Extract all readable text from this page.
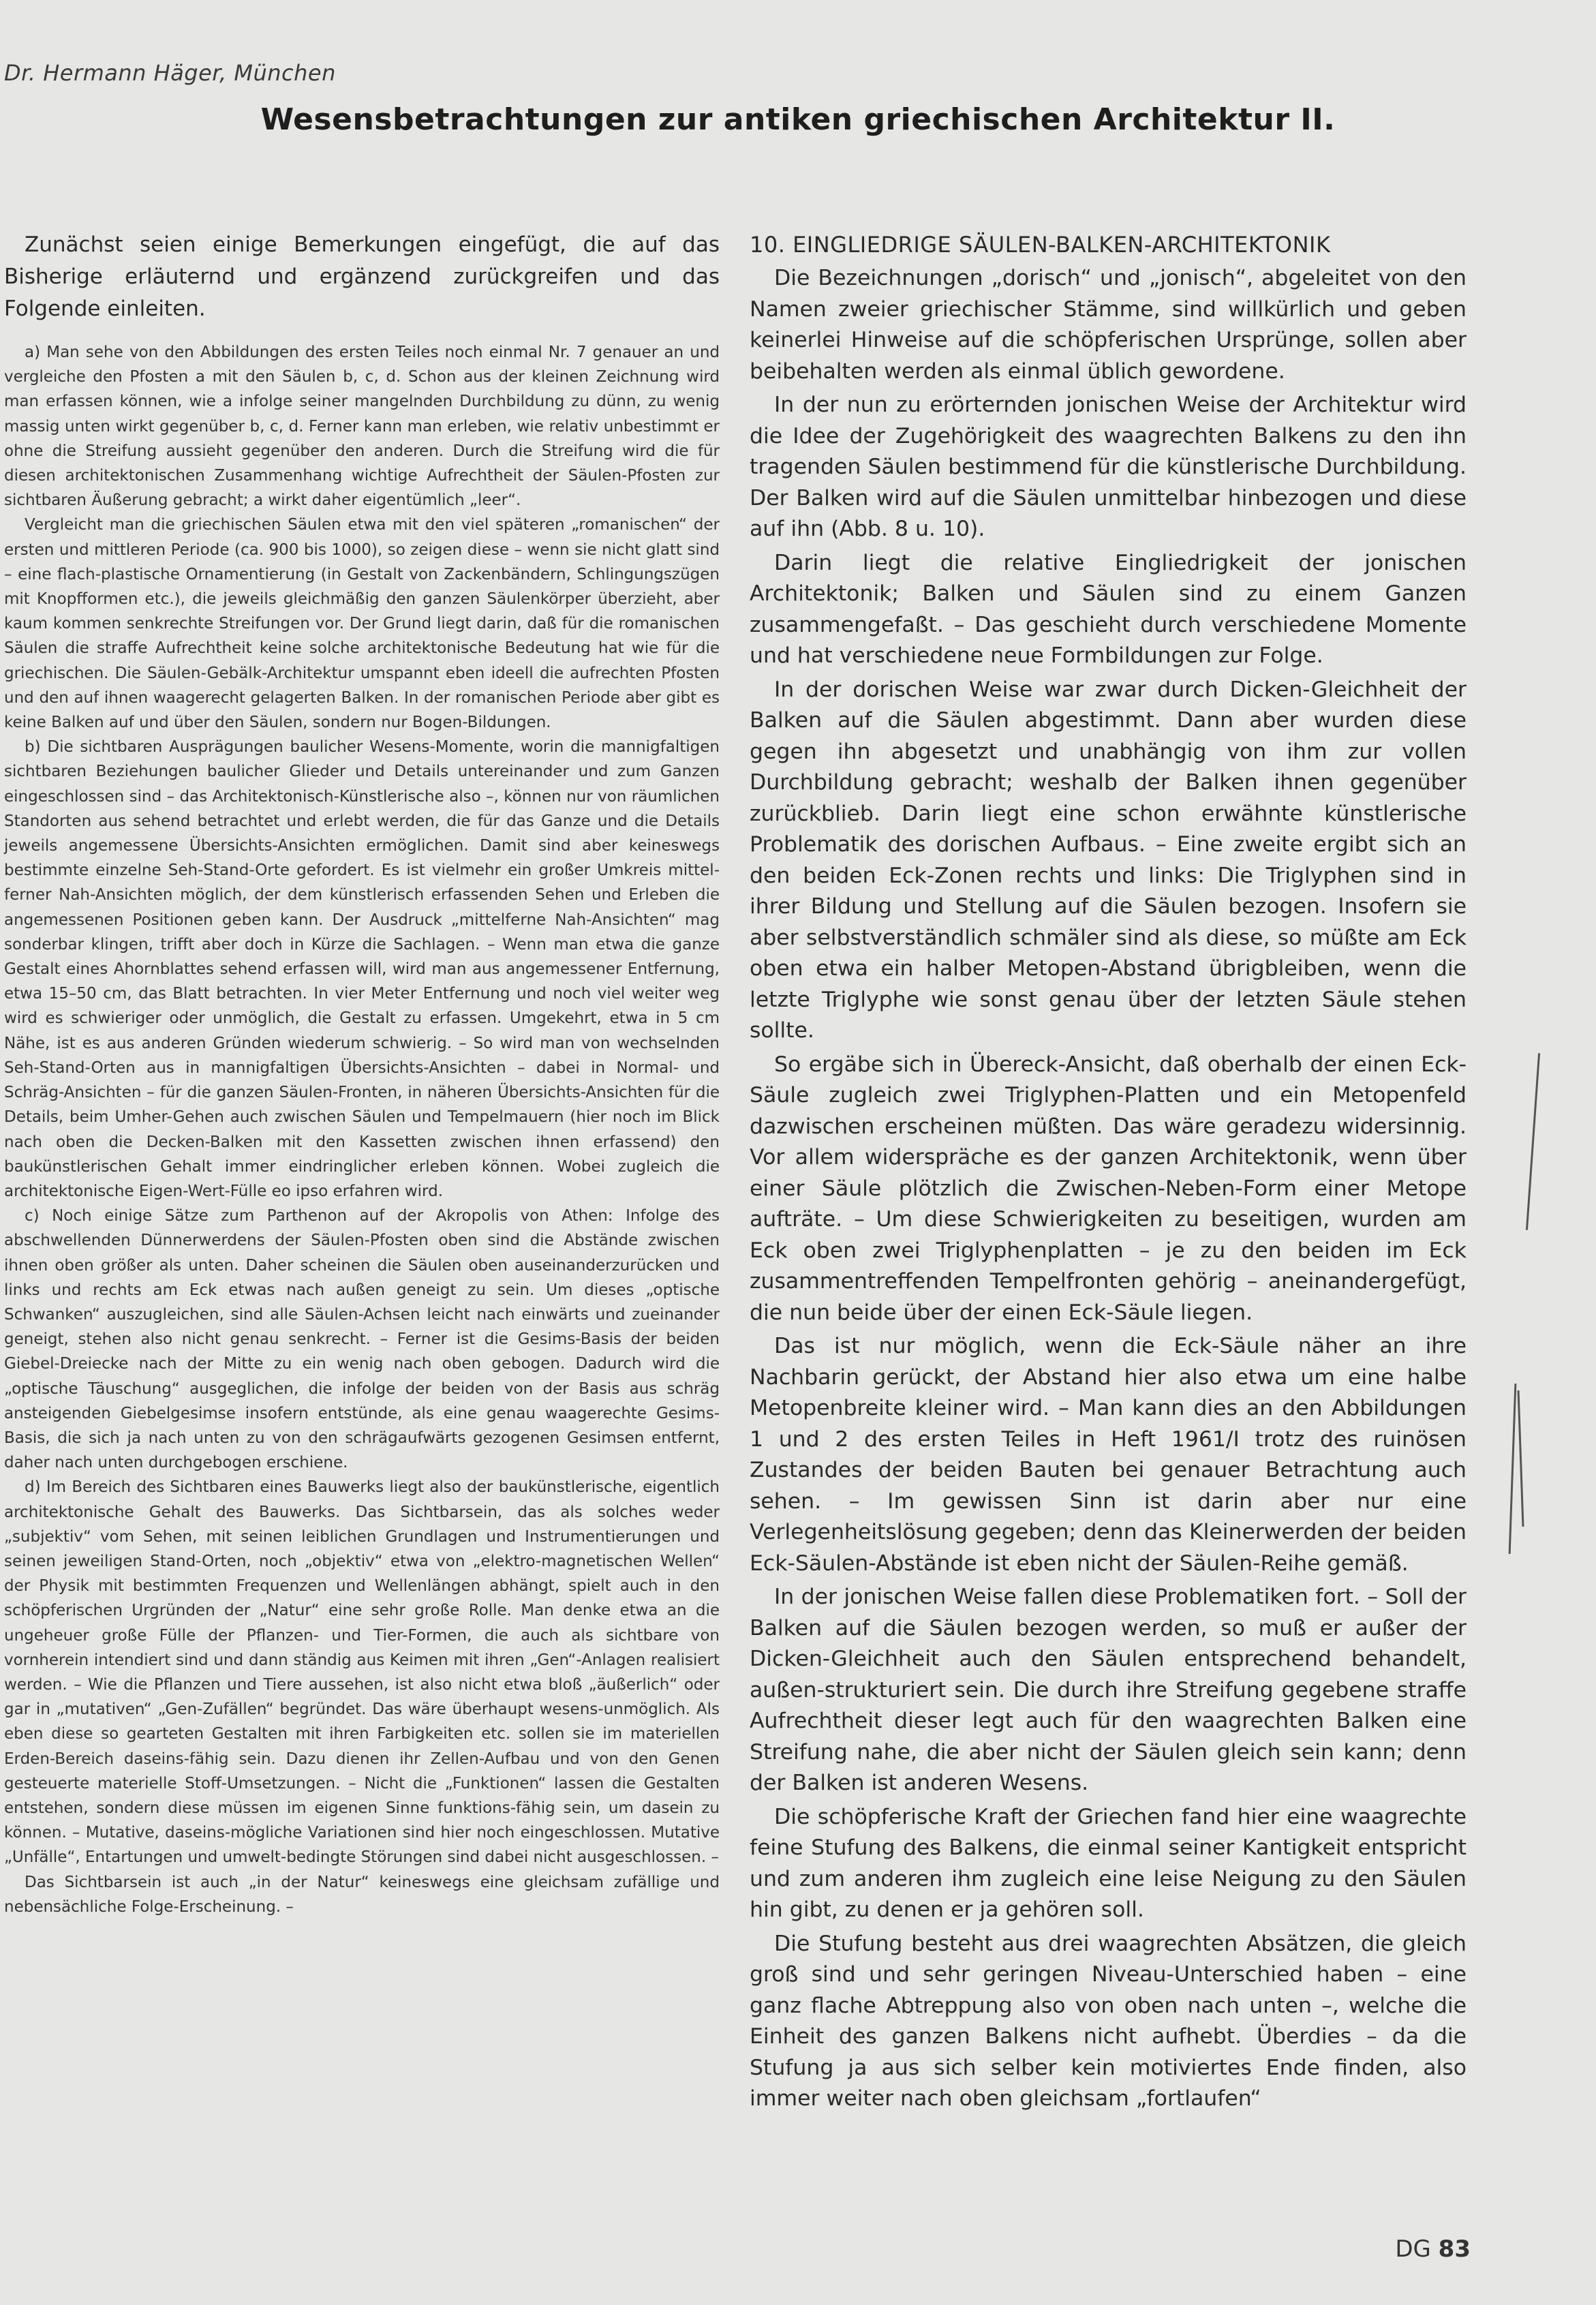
Dr. Hermann Häger, München
Wesensbetrachtungen zur antiken griechischen Architektur II.

Zunächst seien einige Bemerkungen eingefügt, die auf das Bisherige erläuternd und ergänzend zurückgreifen und das Folgende einleiten.

a) Man sehe von den Abbildungen des ersten Teiles noch einmal Nr. 7 genauer an und vergleiche den Pfosten a mit den Säulen b, c, d. Schon aus der kleinen Zeichnung wird man erfassen können, wie a infolge seiner mangelnden Durchbildung zu dünn, zu wenig massig unten wirkt gegenüber b, c, d. Ferner kann man erleben, wie relativ unbestimmt er ohne die Streifung aussieht gegenüber den anderen. Durch die Streifung wird die für diesen architektonischen Zusammenhang wichtige Aufrechtheit der Säulen-Pfosten zur sichtbaren Äußerung gebracht; a wirkt daher eigentümlich „leer“.

Vergleicht man die griechischen Säulen etwa mit den viel späteren „romanischen“ der ersten und mittleren Periode (ca. 900 bis 1000), so zeigen diese – wenn sie nicht glatt sind – eine flach-plastische Ornamentierung (in Gestalt von Zackenbändern, Schlingungszügen mit Knopfformen etc.), die jeweils gleichmäßig den ganzen Säulenkörper überzieht, aber kaum kommen senkrechte Streifungen vor. Der Grund liegt darin, daß für die romanischen Säulen die straffe Aufrechtheit keine solche architektonische Bedeutung hat wie für die griechischen. Die Säulen-Gebälk-Architektur umspannt eben ideell die aufrechten Pfosten und den auf ihnen waagerecht gelagerten Balken. In der romanischen Periode aber gibt es keine Balken auf und über den Säulen, sondern nur Bogen-Bildungen.

b) Die sichtbaren Ausprägungen baulicher Wesens-Momente, worin die mannigfaltigen sichtbaren Beziehungen baulicher Glieder und Details untereinander und zum Ganzen eingeschlossen sind – das Architektonisch-Künstlerische also –, können nur von räumlichen Standorten aus sehend betrachtet und erlebt werden, die für das Ganze und die Details jeweils angemessene Übersichts-Ansichten ermöglichen. Damit sind aber keineswegs bestimmte einzelne Seh-Stand-Orte gefordert. Es ist vielmehr ein großer Umkreis mittel-ferner Nah-Ansichten möglich, der dem künstlerisch erfassenden Sehen und Erleben die angemessenen Positionen geben kann. Der Ausdruck „mittelferne Nah-Ansichten“ mag sonderbar klingen, trifft aber doch in Kürze die Sachlagen. – Wenn man etwa die ganze Gestalt eines Ahornblattes sehend erfassen will, wird man aus angemessener Entfernung, etwa 15–50 cm, das Blatt betrachten. In vier Meter Entfernung und noch viel weiter weg wird es schwieriger oder unmöglich, die Gestalt zu erfassen. Umgekehrt, etwa in 5 cm Nähe, ist es aus anderen Gründen wiederum schwierig. – So wird man von wechselnden Seh-Stand-Orten aus in mannigfaltigen Übersichts-Ansichten – dabei in Normal- und Schräg-Ansichten – für die ganzen Säulen-Fronten, in näheren Übersichts-Ansichten für die Details, beim Umher-Gehen auch zwischen Säulen und Tempelmauern (hier noch im Blick nach oben die Decken-Balken mit den Kassetten zwischen ihnen erfassend) den baukünstlerischen Gehalt immer eindringlicher erleben können. Wobei zugleich die architektonische Eigen-Wert-Fülle eo ipso erfahren wird.

c) Noch einige Sätze zum Parthenon auf der Akropolis von Athen: Infolge des abschwellenden Dünnerwerdens der Säulen-Pfosten oben sind die Abstände zwischen ihnen oben größer als unten. Daher scheinen die Säulen oben auseinanderzurücken und links und rechts am Eck etwas nach außen geneigt zu sein. Um dieses „optische Schwanken“ auszugleichen, sind alle Säulen-Achsen leicht nach einwärts und zueinander geneigt, stehen also nicht genau senkrecht. – Ferner ist die Gesims-Basis der beiden Giebel-Dreiecke nach der Mitte zu ein wenig nach oben gebogen. Dadurch wird die „optische Täuschung“ ausgeglichen, die infolge der beiden von der Basis aus schräg ansteigenden Giebelgesimse insofern entstünde, als eine genau waagerechte Gesims-Basis, die sich ja nach unten zu von den schrägaufwärts gezogenen Gesimsen entfernt, daher nach unten durchgebogen erschiene.

d) Im Bereich des Sichtbaren eines Bauwerks liegt also der baukünstlerische, eigentlich architektonische Gehalt des Bauwerks. Das Sichtbarsein, das als solches weder „subjektiv“ vom Sehen, mit seinen leiblichen Grundlagen und Instrumentierungen und seinen jeweiligen Stand-Orten, noch „objektiv“ etwa von „elektro-magnetischen Wellen“ der Physik mit bestimmten Frequenzen und Wellenlängen abhängt, spielt auch in den schöpferischen Urgründen der „Natur“ eine sehr große Rolle. Man denke etwa an die ungeheuer große Fülle der Pflanzen- und Tier-Formen, die auch als sichtbare von vornherein intendiert sind und dann ständig aus Keimen mit ihren „Gen“-Anlagen realisiert werden. – Wie die Pflanzen und Tiere aussehen, ist also nicht etwa bloß „äußerlich“ oder gar in „mutativen“ „Gen-Zufällen“ begründet. Das wäre überhaupt wesens-unmöglich. Als eben diese so gearteten Gestalten mit ihren Farbigkeiten etc. sollen sie im materiellen Erden-Bereich daseins-fähig sein. Dazu dienen ihr Zellen-Aufbau und von den Genen gesteuerte materielle Stoff-Umsetzungen. – Nicht die „Funktionen“ lassen die Gestalten entstehen, sondern diese müssen im eigenen Sinne funktions-fähig sein, um dasein zu können. – Mutative, daseins-mögliche Variationen sind hier noch eingeschlossen. Mutative „Unfälle“, Entartungen und umwelt-bedingte Störungen sind dabei nicht ausgeschlossen. –

Das Sichtbarsein ist auch „in der Natur“ keineswegs eine gleichsam zufällige und nebensächliche Folge-Erscheinung. –

10. EINGLIEDRIGE SÄULEN-BALKEN-ARCHITEKTONIK

Die Bezeichnungen „dorisch“ und „jonisch“, abgeleitet von den Namen zweier griechischer Stämme, sind willkürlich und geben keinerlei Hinweise auf die schöpferischen Ursprünge, sollen aber beibehalten werden als einmal üblich gewordene.

In der nun zu erörternden jonischen Weise der Architektur wird die Idee der Zugehörigkeit des waagrechten Balkens zu den ihn tragenden Säulen bestimmend für die künstlerische Durchbildung. Der Balken wird auf die Säulen unmittelbar hinbezogen und diese auf ihn (Abb. 8 u. 10).

Darin liegt die relative Eingliedrigkeit der jonischen Architektonik; Balken und Säulen sind zu einem Ganzen zusammengefaßt. – Das geschieht durch verschiedene Momente und hat verschiedene neue Formbildungen zur Folge.

In der dorischen Weise war zwar durch Dicken-Gleichheit der Balken auf die Säulen abgestimmt. Dann aber wurden diese gegen ihn abgesetzt und unabhängig von ihm zur vollen Durchbildung gebracht; weshalb der Balken ihnen gegenüber zurückblieb. Darin liegt eine schon erwähnte künstlerische Problematik des dorischen Aufbaus. – Eine zweite ergibt sich an den beiden Eck-Zonen rechts und links: Die Triglyphen sind in ihrer Bildung und Stellung auf die Säulen bezogen. Insofern sie aber selbstverständlich schmäler sind als diese, so müßte am Eck oben etwa ein halber Metopen-Abstand übrigbleiben, wenn die letzte Triglyphe wie sonst genau über der letzten Säule stehen sollte.

So ergäbe sich in Übereck-Ansicht, daß oberhalb der einen Eck-Säule zugleich zwei Triglyphen-Platten und ein Metopenfeld dazwischen erscheinen müßten. Das wäre geradezu widersinnig. Vor allem widerspräche es der ganzen Architektonik, wenn über einer Säule plötzlich die Zwischen-Neben-Form einer Metope aufträte. – Um diese Schwierigkeiten zu beseitigen, wurden am Eck oben zwei Triglyphenplatten – je zu den beiden im Eck zusammentreffenden Tempelfronten gehörig – aneinandergefügt, die nun beide über der einen Eck-Säule liegen.

Das ist nur möglich, wenn die Eck-Säule näher an ihre Nachbarin gerückt, der Abstand hier also etwa um eine halbe Metopenbreite kleiner wird. – Man kann dies an den Abbildungen 1 und 2 des ersten Teiles in Heft 1961/I trotz des ruinösen Zustandes der beiden Bauten bei genauer Betrachtung auch sehen. – Im gewissen Sinn ist darin aber nur eine Verlegenheitslösung gegeben; denn das Kleinerwerden der beiden Eck-Säulen-Abstände ist eben nicht der Säulen-Reihe gemäß.

In der jonischen Weise fallen diese Problematiken fort. – Soll der Balken auf die Säulen bezogen werden, so muß er außer der Dicken-Gleichheit auch den Säulen entsprechend behandelt, außen-strukturiert sein. Die durch ihre Streifung gegebene straffe Aufrechtheit dieser legt auch für den waagrechten Balken eine Streifung nahe, die aber nicht der Säulen gleich sein kann; denn der Balken ist anderen Wesens.

Die schöpferische Kraft der Griechen fand hier eine waagrechte feine Stufung des Balkens, die einmal seiner Kantigkeit entspricht und zum anderen ihm zugleich eine leise Neigung zu den Säulen hin gibt, zu denen er ja gehören soll.

Die Stufung besteht aus drei waagrechten Absätzen, die gleich groß sind und sehr geringen Niveau-Unterschied haben – eine ganz flache Abtreppung also von oben nach unten –, welche die Einheit des ganzen Balkens nicht aufhebt. Überdies – da die Stufung ja aus sich selber kein motiviertes Ende finden, also immer weiter nach oben gleichsam „fortlaufen“

DG 83
